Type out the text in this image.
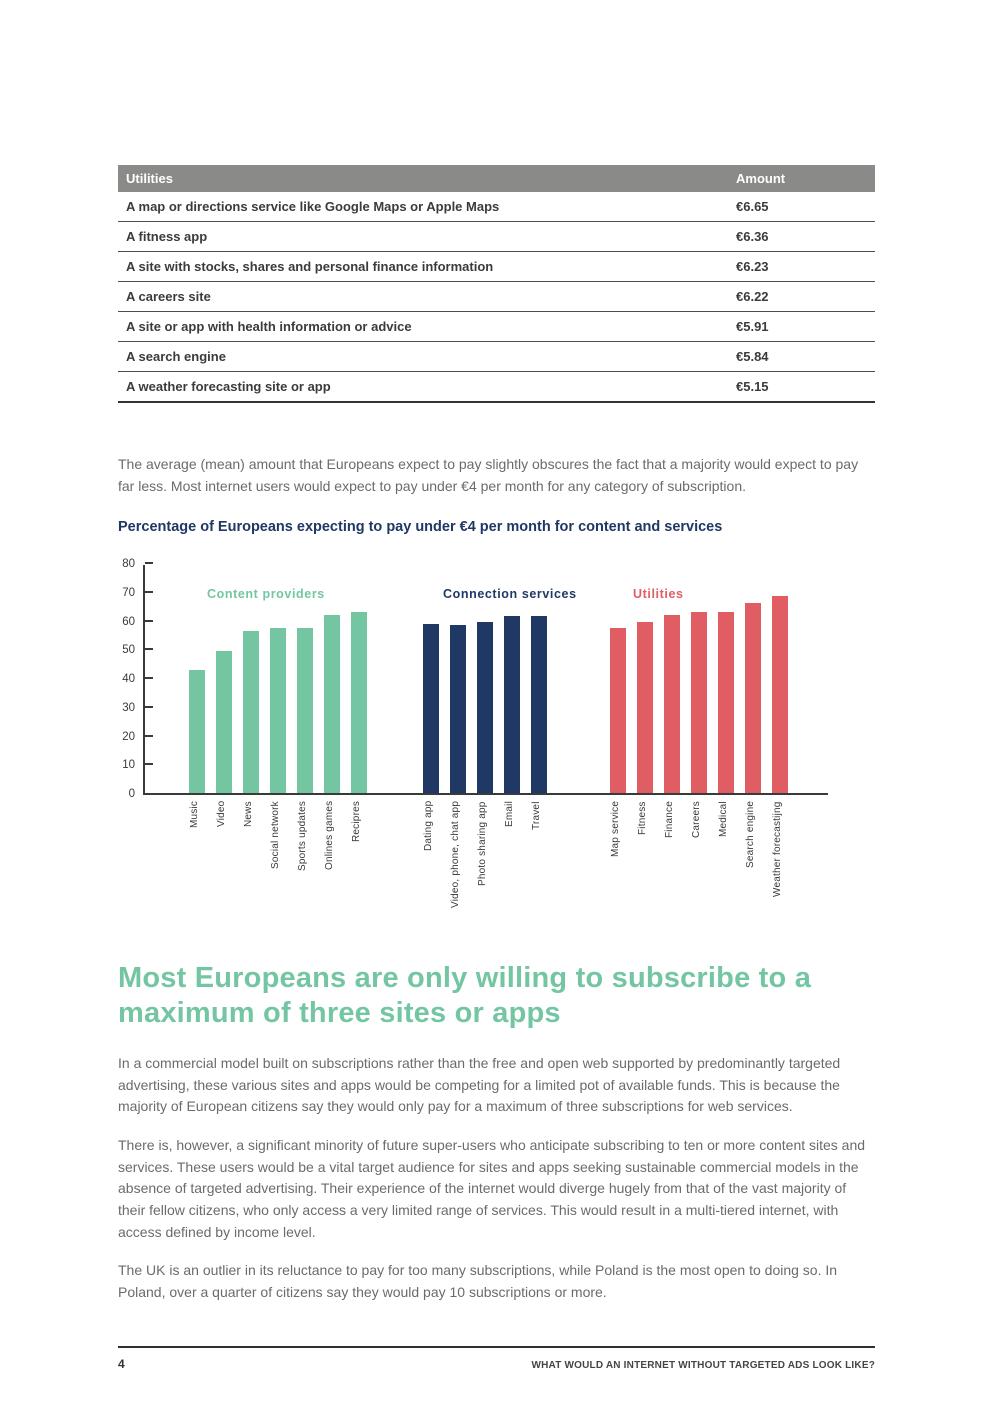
Utilities	Amount
A map or directions service like Google Maps or Apple Maps	€6.65
A fitness app	€6.36
A site with stocks, shares and personal finance information	€6.23
A careers site	€6.22
A site or app with health information or advice	€5.91
A search engine	€5.84
A weather forecasting site or app	€5.15

The average (mean) amount that Europeans expect to pay slightly obscures the fact that a majority would expect to pay far less. Most internet users would expect to pay under €4 per month for any category of subscription.

Percentage of Europeans expecting to pay under €4 per month for content and services
0
10
20
30
40
50
60
70
80
Content providers	Connection services	Utilities
Music	Video	News	Social network	Sports updates	Onlines games	Recipres	Dating app	Video, phone, chat app	Photo sharing app	Email	Travel	Map service	Fitness	Finance	Careers	Medical	Search engine	Weather forecastijng
Most Europeans are only willing to subscribe to a maximum of three sites or apps

In a commercial model built on subscriptions rather than the free and open web supported by predominantly targeted advertising, these various sites and apps would be competing for a limited pot of available funds. This is because the majority of European citizens say they would only pay for a maximum of three subscriptions for web services.

There is, however, a significant minority of future super-users who anticipate subscribing to ten or more content sites and services. These users would be a vital target audience for sites and apps seeking sustainable commercial models in the absence of targeted advertising. Their experience of the internet would diverge hugely from that of the vast majority of their fellow citizens, who only access a very limited range of services. This would result in a multi-tiered internet, with access defined by income level.

The UK is an outlier in its reluctance to pay for too many subscriptions, while Poland is the most open to doing so. In Poland, over a quarter of citizens say they would pay 10 subscriptions or more.

4	WHAT WOULD AN INTERNET WITHOUT TARGETED ADS LOOK LIKE?
